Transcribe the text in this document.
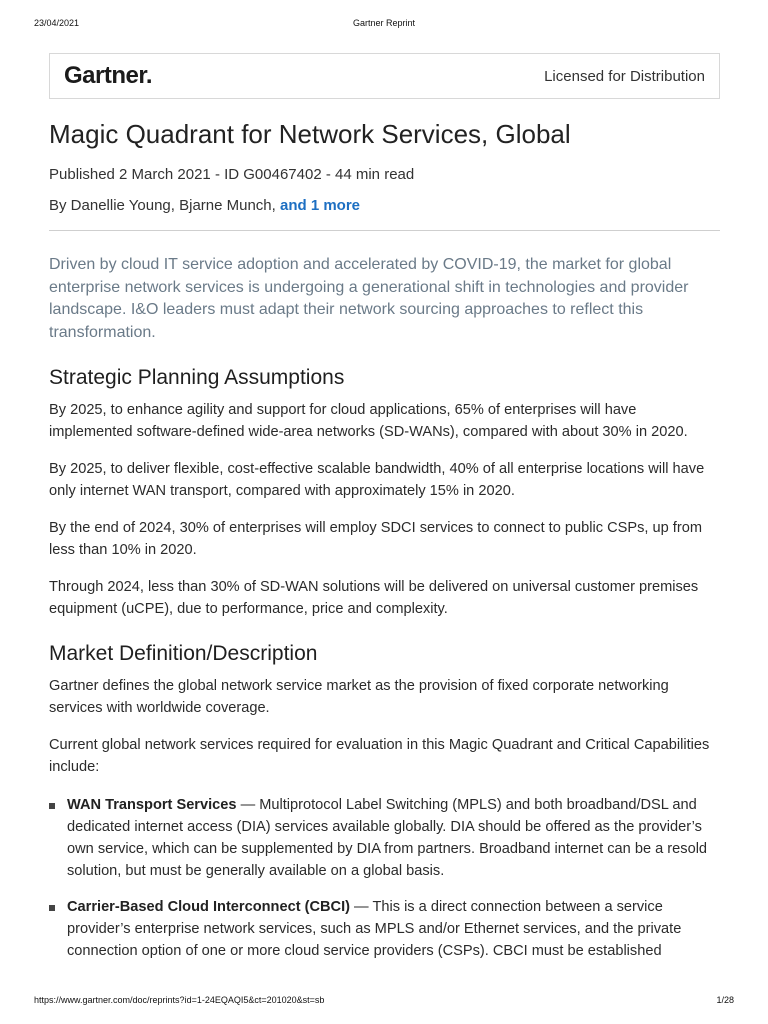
23/04/2021	Gartner Reprint
Gartner.	Licensed for Distribution
Magic Quadrant for Network Services, Global
Published 2 March 2021 - ID G00467402 - 44 min read
By Danellie Young, Bjarne Munch, and 1 more
Driven by cloud IT service adoption and accelerated by COVID-19, the market for global enterprise network services is undergoing a generational shift in technologies and provider landscape. I&O leaders must adapt their network sourcing approaches to reflect this transformation.
Strategic Planning Assumptions

By 2025, to enhance agility and support for cloud applications, 65% of enterprises will have implemented software-defined wide-area networks (SD-WANs), compared with about 30% in 2020.

By 2025, to deliver flexible, cost-effective scalable bandwidth, 40% of all enterprise locations will have only internet WAN transport, compared with approximately 15% in 2020.

By the end of 2024, 30% of enterprises will employ SDCI services to connect to public CSPs, up from less than 10% in 2020.

Through 2024, less than 30% of SD-WAN solutions will be delivered on universal customer premises equipment (uCPE), due to performance, price and complexity.

Market Definition/Description

Gartner defines the global network service market as the provision of fixed corporate networking services with worldwide coverage.

Current global network services required for evaluation in this Magic Quadrant and Critical Capabilities include:

WAN Transport Services — Multiprotocol Label Switching (MPLS) and both broadband/DSL and dedicated internet access (DIA) services available globally. DIA should be offered as the provider’s own service, which can be supplemented by DIA from partners. Broadband internet can be a resold solution, but must be generally available on a global basis.
Carrier-Based Cloud Interconnect (CBCI) — This is a direct connection between a service provider’s enterprise network services, such as MPLS and/or Ethernet services, and the private connection option of one or more cloud service providers (CSPs). CBCI must be established
https://www.gartner.com/doc/reprints?id=1-24EQAQI5&ct=201020&st=sb	1/28
